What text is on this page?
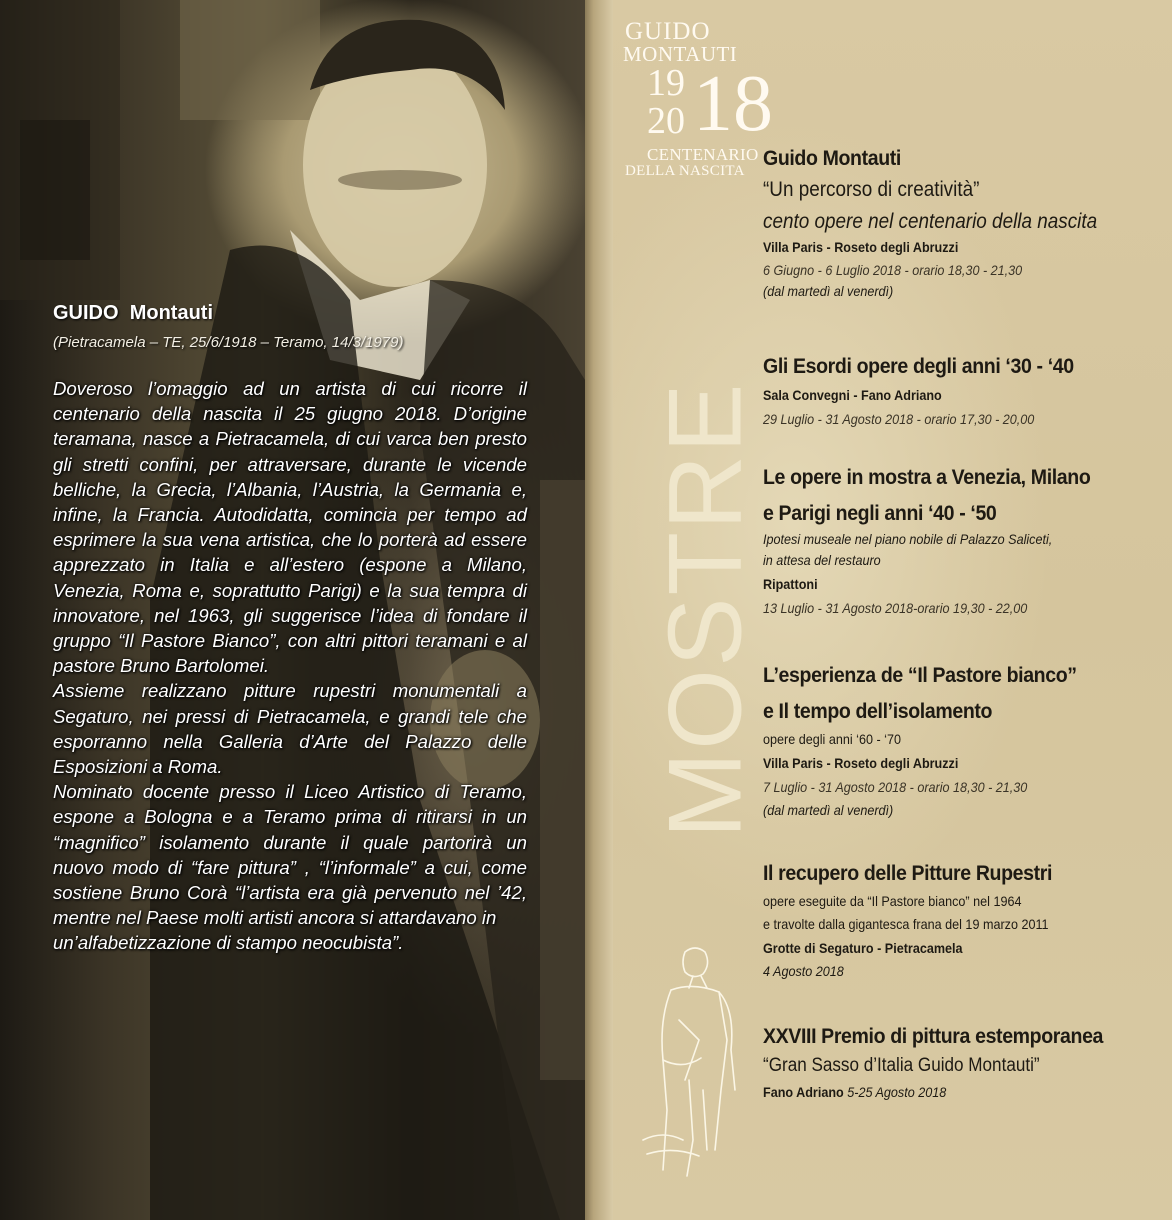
GUIDO Montauti

(Pietracamela – TE, 25/6/1918 – Teramo, 14/3/1979)

Doveroso l’omaggio ad un artista di cui ricorre il centenario della nascita il 25 giugno 2018. D’origine teramana, nasce a Pietracamela, di cui varca ben presto gli stretti confini, per attraversare, durante le vicende belliche, la Grecia, l’Albania, l’Austria, la Germania e, infine, la Francia. Autodidatta, comincia per tempo ad esprimere la sua vena artistica, che lo porterà ad essere apprezzato in Italia e all’estero (espone a Milano, Venezia, Roma e, soprattutto Parigi) e la sua tempra di innovatore, nel 1963, gli suggerisce l’idea di fondare il gruppo “Il Pastore Bianco”, con altri pittori teramani e al pastore Bruno Bartolomei.

Assieme realizzano pitture rupestri monumentali a Segaturo, nei pressi di Pietracamela, e grandi tele che esporranno nella Galleria d’Arte del Palazzo delle Esposizioni a Roma.

Nominato docente presso il Liceo Artistico di Teramo, espone a Bologna e a Teramo prima di ritirarsi in un “magnifico” isolamento durante il quale partorirà un nuovo modo di “fare pittura” , “l’informale” a cui, come sostiene Bruno Corà “l’artista era già pervenuto nel ’42, mentre nel Paese molti artisti ancora si attardavano in

un’alfabetizzazione di stampo neocubista”.

GUIDO
MONTAUTI
19
20 18
CENTENARIO
DELLA NASCITA
MOSTRE

Guido Montauti

“Un percorso di creatività”

cento opere nel centenario della nascita

Villa Paris - Roseto degli Abruzzi

6 Giugno - 6 Luglio 2018 - orario 18,30 - 21,30

(dal martedì al venerdì)

Gli Esordi opere degli anni ‘30 - ‘40

Sala Convegni - Fano Adriano

29 Luglio - 31 Agosto 2018 - orario 17,30 - 20,00

Le opere in mostra a Venezia, Milano

e Parigi negli anni ‘40 - ‘50

Ipotesi museale nel piano nobile di Palazzo Saliceti,

in attesa del restauro

Ripattoni

13 Luglio - 31 Agosto 2018-orario 19,30 - 22,00

L’esperienza de “Il Pastore bianco”

e Il tempo dell’isolamento

opere degli anni ‘60 - ‘70

Villa Paris - Roseto degli Abruzzi

7 Luglio - 31 Agosto 2018 - orario 18,30 - 21,30

(dal martedì al venerdì)

Il recupero delle Pitture Rupestri

opere eseguite da “Il Pastore bianco” nel 1964

e travolte dalla gigantesca frana del 19 marzo 2011

Grotte di Segaturo - Pietracamela

4 Agosto 2018

XXVIII Premio di pittura estemporanea

“Gran Sasso d’Italia Guido Montauti”

Fano Adriano 5-25 Agosto 2018
